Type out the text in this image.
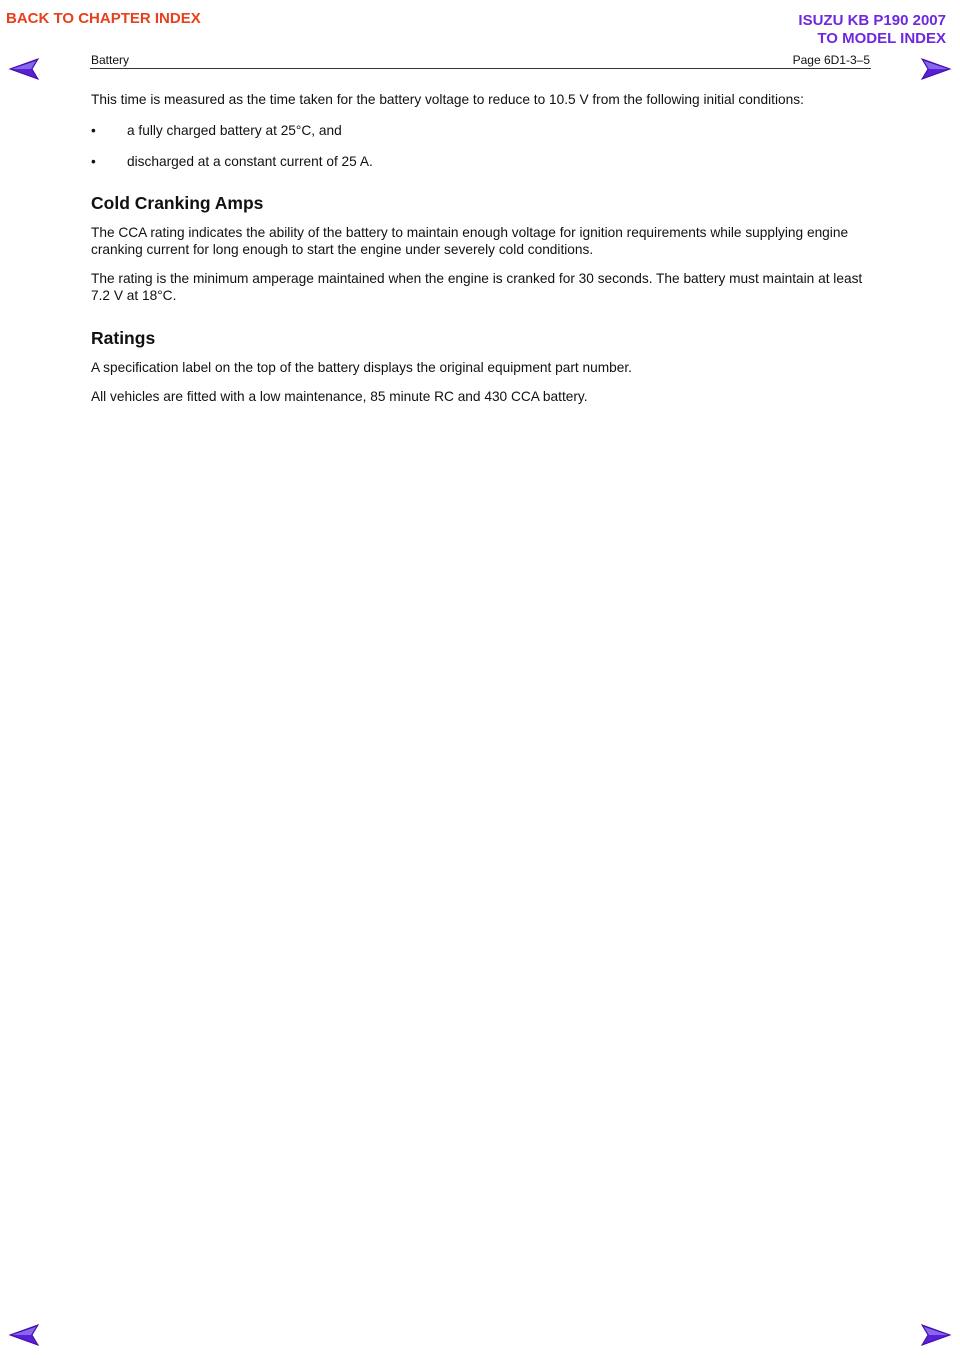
BACK TO CHAPTER INDEX	ISUZU KB P190 2007
TO MODEL INDEX
Battery	Page 6D1-3–5

This time is measured as the time taken for the battery voltage to reduce to 10.5 V from the following initial conditions:

•	a fully charged battery at 25°C, and
•	discharged at a constant current of 25 A.
Cold Cranking Amps

The CCA rating indicates the ability of the battery to maintain enough voltage for ignition requirements while supplying engine cranking current for long enough to start the engine under severely cold conditions.

The rating is the minimum amperage maintained when the engine is cranked for 30 seconds. The battery must maintain at least 7.2 V at 18°C.

Ratings

A specification label on the top of the battery displays the original equipment part number.

All vehicles are fitted with a low maintenance, 85 minute RC and 430 CCA battery.
